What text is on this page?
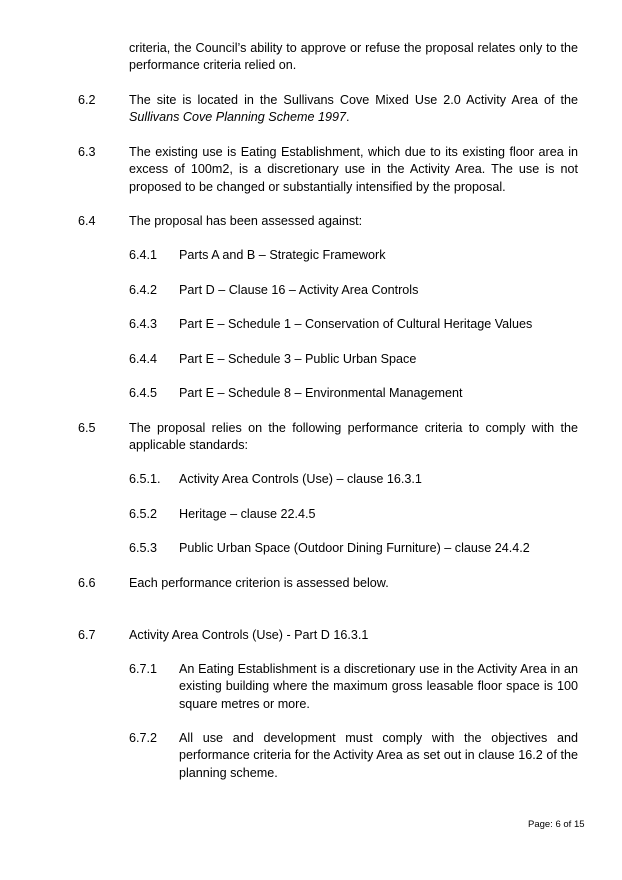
criteria, the Council’s ability to approve or refuse the proposal relates only to the
performance criteria relied on.
6.2	The site is located in the Sullivans Cove Mixed Use 2.0 Activity Area of the
Sullivans Cove Planning Scheme 1997.
6.3	The existing use is Eating Establishment, which due to its existing floor area in
excess of 100m2, is a discretionary use in the Activity Area. The use is not
proposed to be changed or substantially intensified by the proposal.
6.4	The proposal has been assessed against:
6.4.1 Parts A and B – Strategic Framework
6.4.2 Part D – Clause 16 – Activity Area Controls
6.4.3 Part E – Schedule 1 – Conservation of Cultural Heritage Values
6.4.4 Part E – Schedule 3 – Public Urban Space
6.4.5 Part E – Schedule 8 – Environmental Management
6.5	The proposal relies on the following performance criteria to comply with the
applicable standards:
6.5.1. Activity Area Controls (Use) – clause 16.3.1
6.5.2 Heritage – clause 22.4.5
6.5.3 Public Urban Space (Outdoor Dining Furniture) – clause 24.4.2
6.6	Each performance criterion is assessed below.
6.7	Activity Area Controls (Use) - Part D 16.3.1
6.7.1 An Eating Establishment is a discretionary use in the Activity Area in an
existing building where the maximum gross leasable floor space is 100
square metres or more.
6.7.2 All use and development must comply with the objectives and
performance criteria for the Activity Area as set out in clause 16.2 of the
planning scheme.
Page: 6 of 15
